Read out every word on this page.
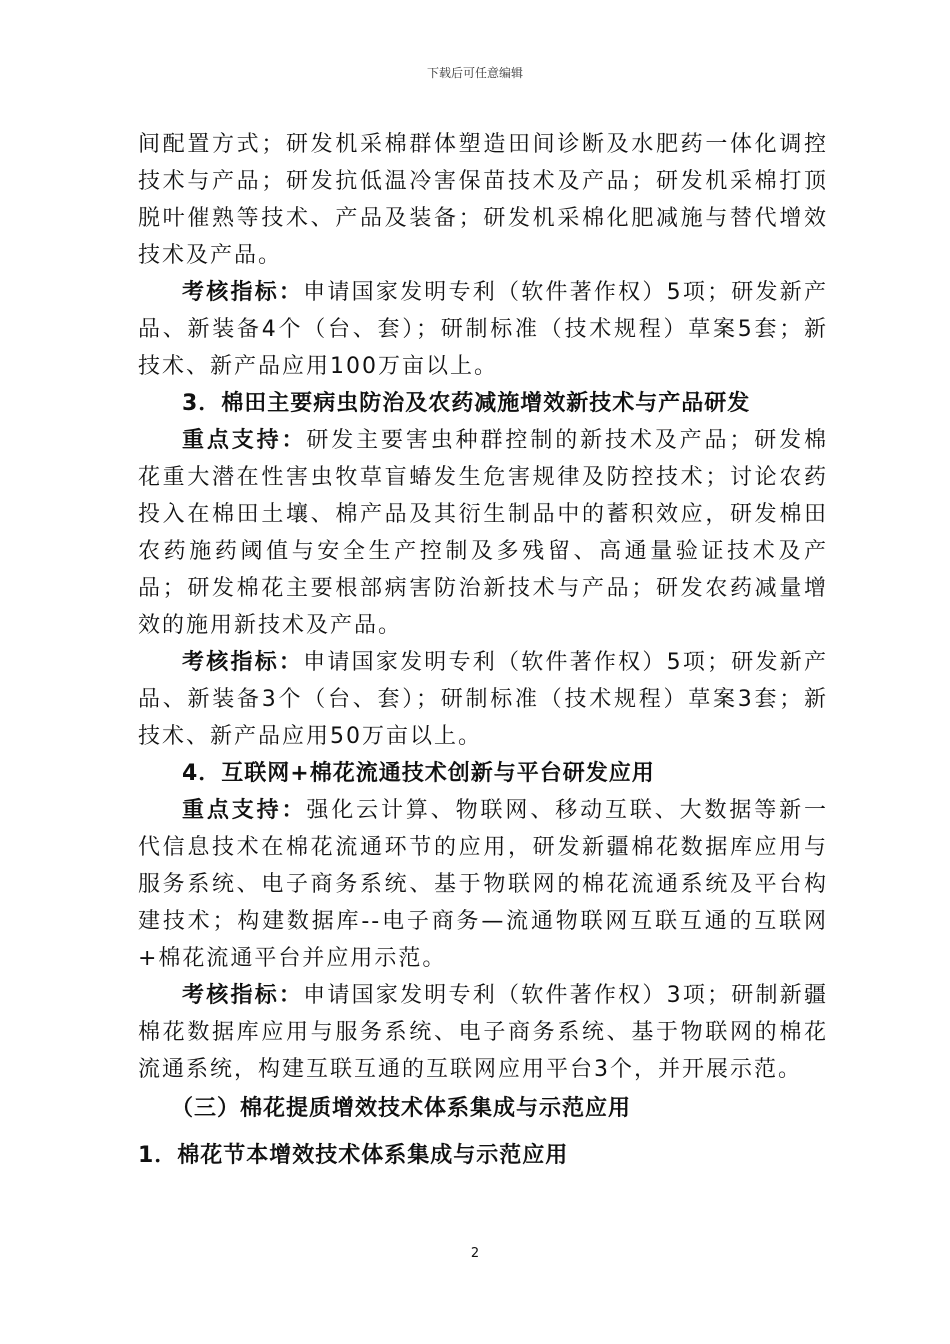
下载后可任意编辑

间配置方式；研发机采棉群体塑造田间诊断及水肥药一体化调控技术与产品；研发抗低温冷害保苗技术及产品；研发机采棉打顶脱叶催熟等技术、产品及装备；研发机采棉化肥减施与替代增效技术及产品。

考核指标：申请国家发明专利（软件著作权）5项；研发新产品、新装备4个（台、套）；研制标准（技术规程）草案5套；新技术、新产品应用100万亩以上。

3．棉田主要病虫防治及农药减施增效新技术与产品研发

重点支持：研发主要害虫种群控制的新技术及产品；研发棉花重大潜在性害虫牧草盲蝽发生危害规律及防控技术；讨论农药投入在棉田土壤、棉产品及其衍生制品中的蓄积效应，研发棉田农药施药阈值与安全生产控制及多残留、高通量验证技术及产品；研发棉花主要根部病害防治新技术与产品；研发农药减量增效的施用新技术及产品。

考核指标：申请国家发明专利（软件著作权）5项；研发新产品、新装备3个（台、套）；研制标准（技术规程）草案3套；新技术、新产品应用50万亩以上。

4．互联网+棉花流通技术创新与平台研发应用

重点支持：强化云计算、物联网、移动互联、大数据等新一代信息技术在棉花流通环节的应用，研发新疆棉花数据库应用与服务系统、电子商务系统、基于物联网的棉花流通系统及平台构建技术；构建数据库--电子商务—流通物联网互联互通的互联网+棉花流通平台并应用示范。

考核指标：申请国家发明专利（软件著作权）3项；研制新疆棉花数据库应用与服务系统、电子商务系统、基于物联网的棉花流通系统，构建互联互通的互联网应用平台3个，并开展示范。

（三）棉花提质增效技术体系集成与示范应用

1．棉花节本增效技术体系集成与示范应用

2
